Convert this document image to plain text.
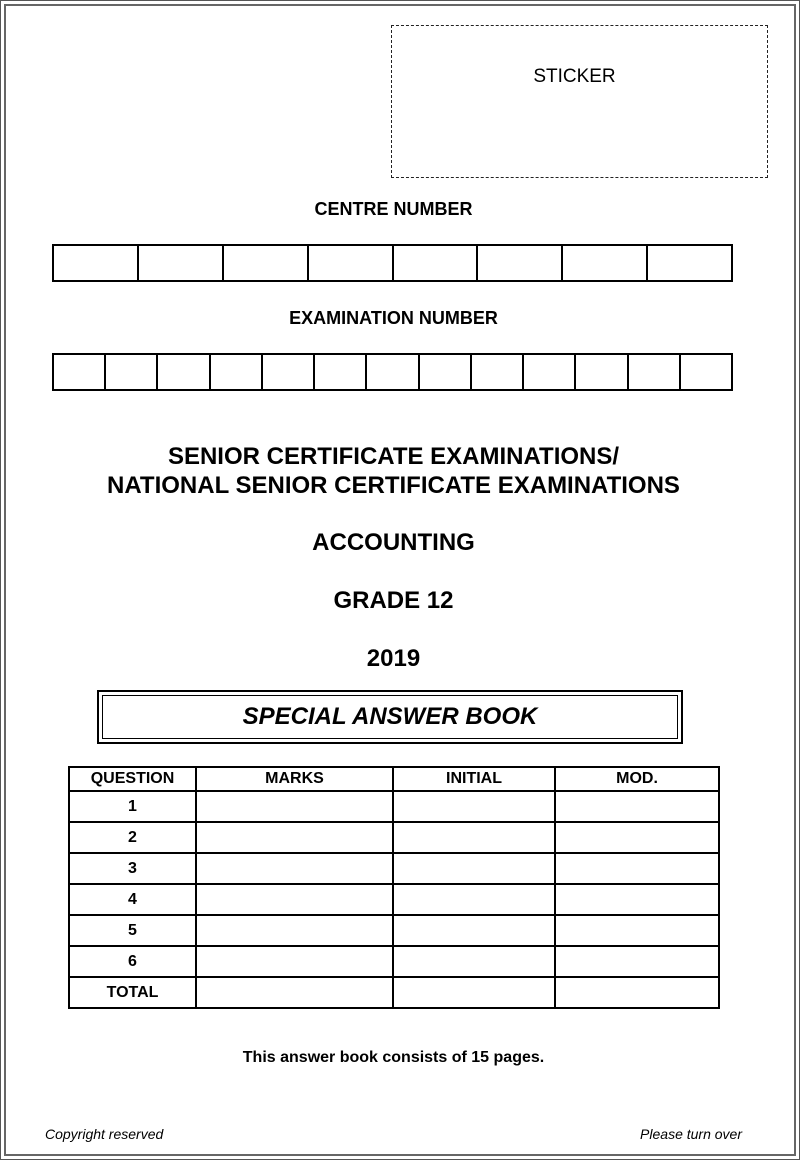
STICKER
CENTRE NUMBER
EXAMINATION NUMBER
SENIOR CERTIFICATE EXAMINATIONS/
NATIONAL SENIOR CERTIFICATE EXAMINATIONS
ACCOUNTING
GRADE 12
2019
SPECIAL ANSWER BOOK
QUESTION	MARKS	INITIAL	MOD.
1			
2			
3			
4			
5			
6			
TOTAL			
This answer book consists of 15 pages.
Copyright reserved	Please turn over
